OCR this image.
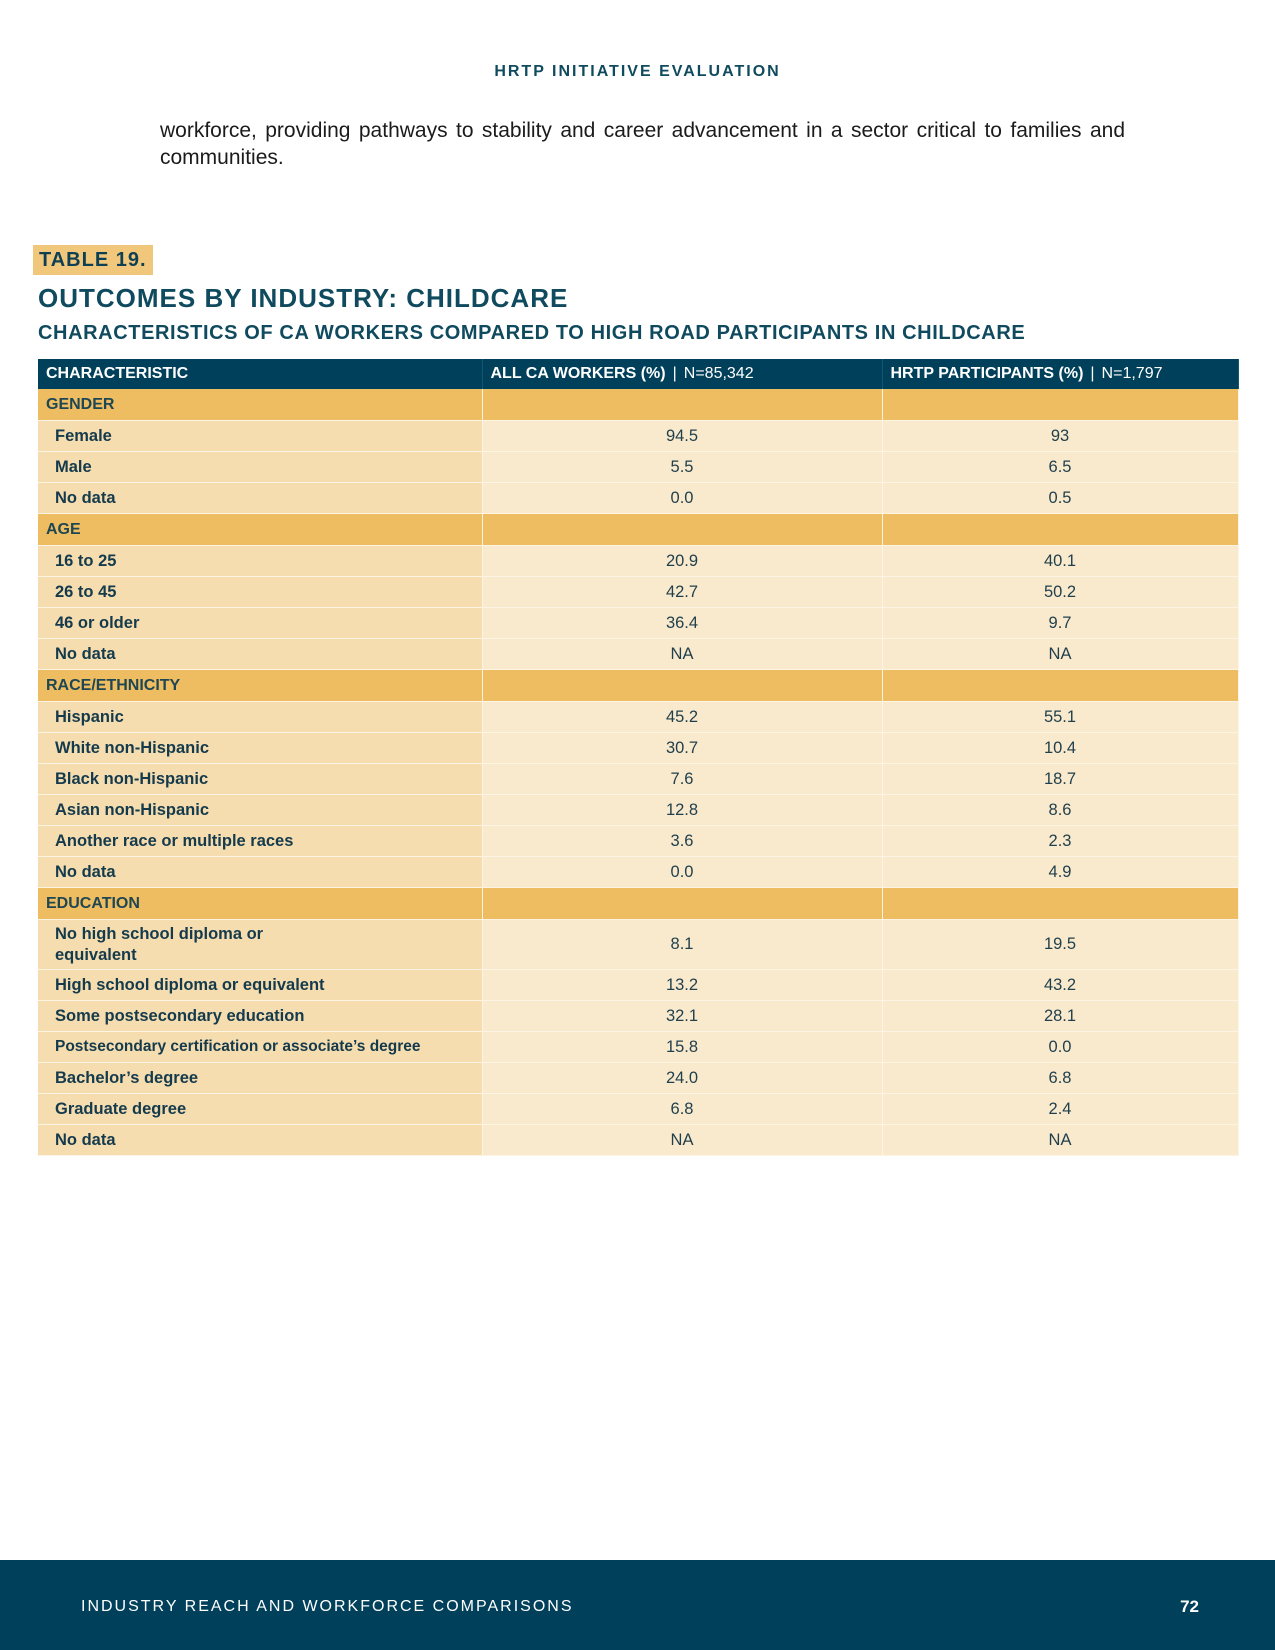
HRTP INITIATIVE EVALUATION

workforce, providing pathways to stability and career advancement in a sector critical to families and communities.

TABLE 19.
OUTCOMES BY INDUSTRY: CHILDCARE
CHARACTERISTICS OF CA WORKERS COMPARED TO HIGH ROAD PARTICIPANTS IN CHILDCARE
CHARACTERISTIC	ALL CA WORKERS (%) | N=85,342	HRTP PARTICIPANTS (%) | N=1,797
GENDER		
Female	94.5	93
Male	5.5	6.5
No data	0.0	0.5
AGE		
16 to 25	20.9	40.1
26 to 45	42.7	50.2
46 or older	36.4	9.7
No data	NA	NA
RACE/ETHNICITY		
Hispanic	45.2	55.1
White non-Hispanic	30.7	10.4
Black non-Hispanic	7.6	18.7
Asian non-Hispanic	12.8	8.6
Another race or multiple races	3.6	2.3
No data	0.0	4.9
EDUCATION		
No high school diploma or equivalent	8.1	19.5
High school diploma or equivalent	13.2	43.2
Some postsecondary education	32.1	28.1
Postsecondary certification or associate’s degree	15.8	0.0
Bachelor’s degree	24.0	6.8
Graduate degree	6.8	2.4
No data	NA	NA
INDUSTRY REACH AND WORKFORCE COMPARISONS	72
